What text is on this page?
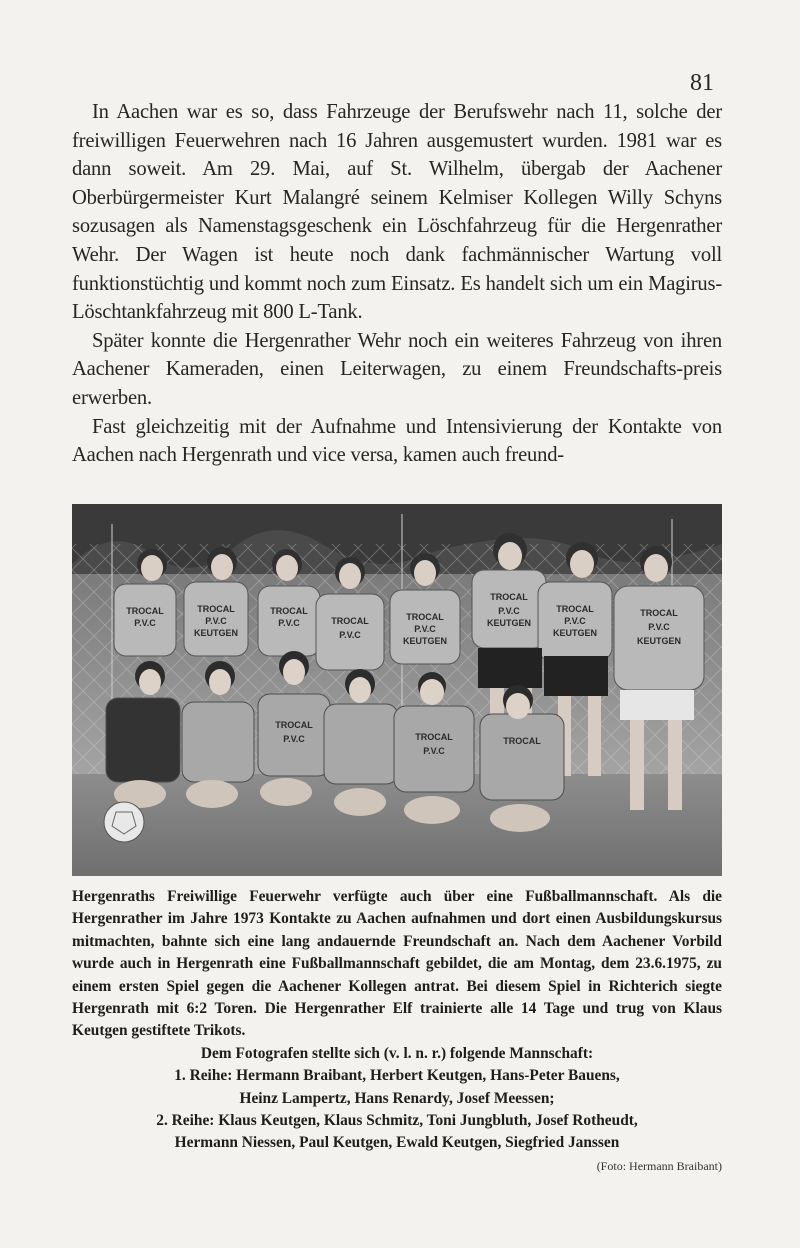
81

In Aachen war es so, dass Fahrzeuge der Berufswehr nach 11, solche der freiwilligen Feuerwehren nach 16 Jahren ausgemustert wurden. 1981 war es dann soweit. Am 29. Mai, auf St. Wilhelm, übergab der Aachener Oberbürgermeister Kurt Malangré seinem Kelmiser Kollegen Willy Schyns sozusagen als Namenstagsgeschenk ein Löschfahrzeug für die Hergenrather Wehr. Der Wagen ist heute noch dank fachmännischer Wartung voll funktionstüchtig und kommt noch zum Einsatz. Es handelt sich um ein Magirus-Löschtankfahrzeug mit 800 L-Tank.

Später konnte die Hergenrather Wehr noch ein weiteres Fahrzeug von ihren Aachener Kameraden, einen Leiterwagen, zu einem Freundschafts-preis erwerben.

Fast gleichzeitig mit der Aufnahme und Intensivierung der Kontakte von Aachen nach Hergenrath und vice versa, kamen auch freund-

TROCAL
P.V.C
TROCAL
P.V.C
KEUTGEN
TROCAL
P.V.C	TROCAL
P.V.C
TROCAL
P.V.C
KEUTGEN
TROCAL
P.V.C
KEUTGEN
TROCAL
P.V.C
KEUTGEN
TROCAL
P.V.C
KEUTGEN
TROCAL
P.V.C	TROCAL
P.V.C
TROCAL

Hergenraths Freiwillige Feuerwehr verfügte auch über eine Fußballmannschaft. Als die Hergenrather im Jahre 1973 Kontakte zu Aachen aufnahmen und dort einen Ausbildungskursus mitmachten, bahnte sich eine lang andauernde Freundschaft an. Nach dem Aachener Vorbild wurde auch in Hergenrath eine Fußballmannschaft gebildet, die am Montag, dem 23.6.1975, zu einem ersten Spiel gegen die Aachener Kollegen antrat. Bei diesem Spiel in Richterich siegte Hergenrath mit 6:2 Toren. Die Hergenrather Elf trainierte alle 14 Tage und trug von Klaus Keutgen gestiftete Trikots.

Dem Fotografen stellte sich (v. l. n. r.) folgende Mannschaft:

1. Reihe: Hermann Braibant, Herbert Keutgen, Hans-Peter Bauens,

Heinz Lampertz, Hans Renardy, Josef Meessen;

2. Reihe: Klaus Keutgen, Klaus Schmitz, Toni Jungbluth, Josef Rotheudt,

Hermann Niessen, Paul Keutgen, Ewald Keutgen, Siegfried Janssen

(Foto: Hermann Braibant)
